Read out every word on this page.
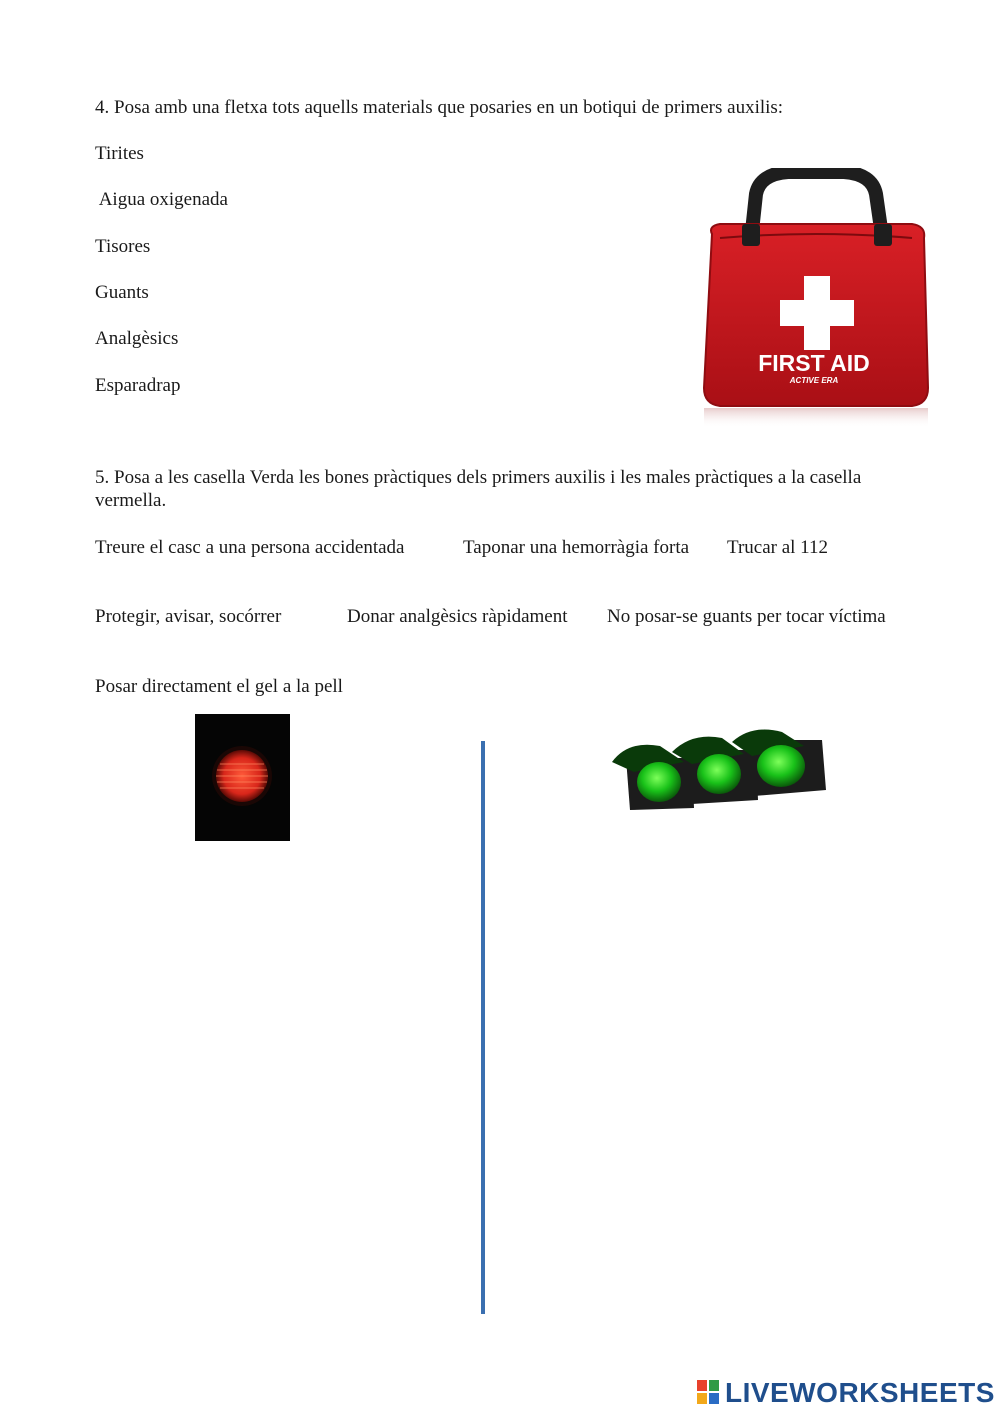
4. Posa amb una fletxa tots aquells materials que posaries en un botiqui de primers auxilis:
Tirites
Aigua oxigenada
Tisores
Guants
Analgèsics
Esparadrap
FIRST AID
ACTIVE ERA
5. Posa a les casella Verda les bones pràctiques dels primers auxilis i les males pràctiques a la casella vermella.
Treure el casc a una persona accidentada	Taponar una hemorràgia forta Trucar al 112
Protegir, avisar, socórrer	Donar analgèsics ràpidament No posar-se guants per tocar víctima
Posar directament el gel a la pell
LIVEWORKSHEETS
